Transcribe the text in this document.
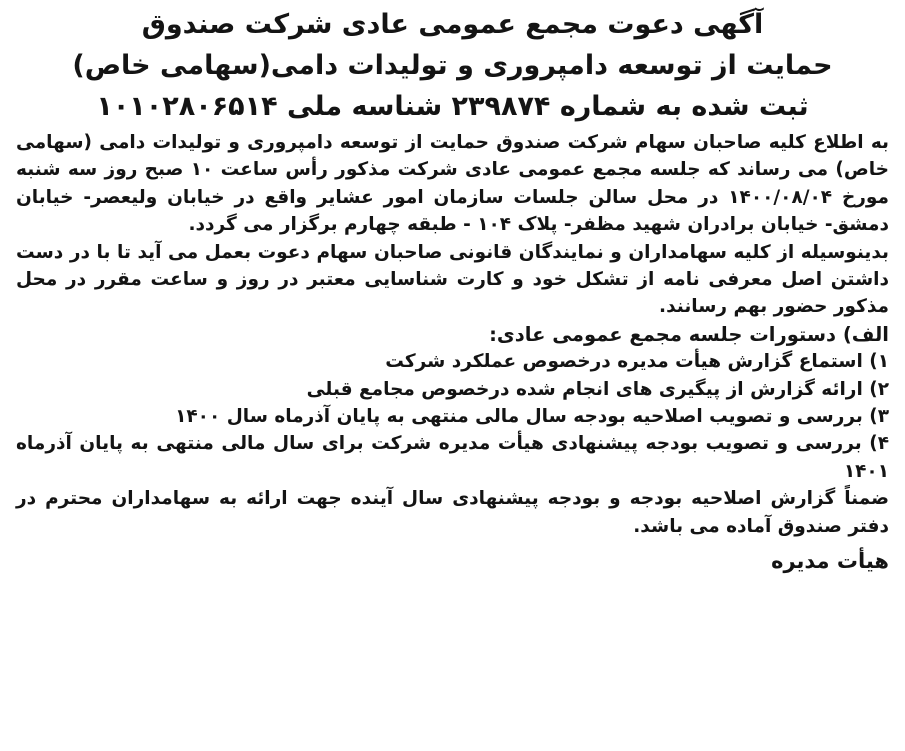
آگهی دعوت مجمع عمومی عادی شرکت صندوق
حمایت از توسعه دامپروری و تولیدات دامی(سهامی خاص)
ثبت شده به شماره ۲۳۹۸۷۴ شناسه ملی ۱۰۱۰۲۸۰۶۵۱۴

به اطلاع کلیه صاحبان سهام شرکت صندوق حمایت از توسعه دامپروری و تولیدات دامی (سهامی خاص) می رساند که جلسه مجمع عمومی عادی شرکت مذکور رأس ساعت ۱۰ صبح روز سه شنبه مورخ ۱۴۰۰/۰۸/۰۴ در محل سالن جلسات سازمان امور عشایر واقع در خیابان ولیعصر- خیابان دمشق- خیابان برادران شهید مظفر- پلاک ۱۰۴ - طبقه چهارم برگزار می گردد.

بدینوسیله از کلیه سهامداران و نمایندگان قانونی صاحبان سهام دعوت بعمل می آید تا با در دست داشتن اصل معرفی نامه از تشکل خود و کارت شناسایی معتبر در روز و ساعت مقرر در محل مذکور حضور بهم رسانند.

الف) دستورات جلسه مجمع عمومی عادی:

۱) استماع گزارش هیأت مدیره درخصوص عملکرد شرکت
۲) ارائه گزارش از پیگیری های انجام شده درخصوص مجامع قبلی
۳) بررسی و تصویب اصلاحیه بودجه سال مالی منتهی به پایان آذرماه سال ۱۴۰۰
۴) بررسی و تصویب بودجه پیشنهادی هیأت مدیره شرکت برای سال مالی منتهی به پایان آذرماه ۱۴۰۱

ضمناً گزارش اصلاحیه بودجه و بودجه پیشنهادی سال آینده جهت ارائه به سهامداران محترم در دفتر صندوق آماده می باشد.

هیأت مدیره
